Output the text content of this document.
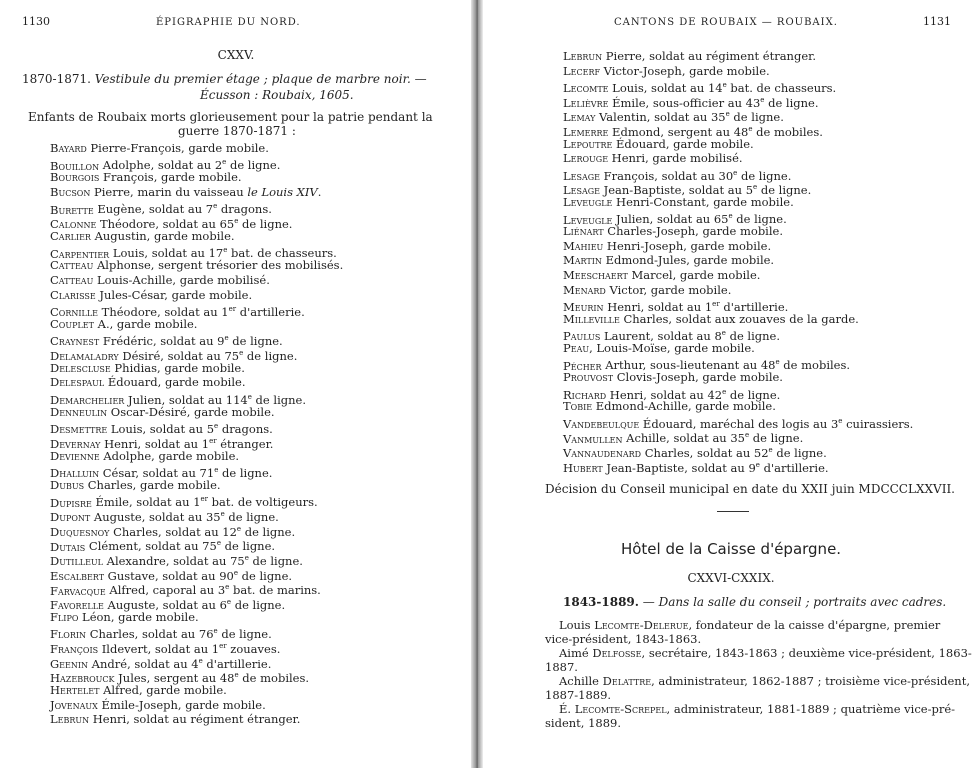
1130	ÉPIGRAPHIE DU NORD.
CXXV.
1870-1871. Vestibule du premier étage ; plaque de marbre noir. —
Écusson : Roubaix, 1605.
Enfants de Roubaix morts glorieusement pour la patrie pendant la
guerre 1870-1871 :
Bayard Pierre-François, garde mobile.
Bouillon Adolphe, soldat au 2e de ligne.
Bourgois François, garde mobile.
Bucson Pierre, marin du vaisseau le Louis XIV.
Burette Eugène, soldat au 7e dragons.
Calonne Théodore, soldat au 65e de ligne.
Carlier Augustin, garde mobile.
Carpentier Louis, soldat au 17e bat. de chasseurs.
Catteau Alphonse, sergent trésorier des mobilisés.
Catteau Louis-Achille, garde mobilisé.
Clarisse Jules-César, garde mobile.
Cornille Théodore, soldat au 1er d'artillerie.
Couplet A., garde mobile.
Craynest Frédéric, soldat au 9e de ligne.
Delamaladry Désiré, soldat au 75e de ligne.
Delescluse Phidias, garde mobile.
Delespaul Édouard, garde mobile.
Demarchelier Julien, soldat au 114e de ligne.
Denneulin Oscar-Désiré, garde mobile.
Desmettre Louis, soldat au 5e dragons.
Devernay Henri, soldat au 1er étranger.
Devienne Adolphe, garde mobile.
Dhalluin César, soldat au 71e de ligne.
Dubus Charles, garde mobile.
Dupisre Émile, soldat au 1er bat. de voltigeurs.
Dupont Auguste, soldat au 35e de ligne.
Duquesnoy Charles, soldat au 12e de ligne.
Dutais Clément, soldat au 75e de ligne.
Dutilleul Alexandre, soldat au 75e de ligne.
Escalbert Gustave, soldat au 90e de ligne.
Farvacque Alfred, caporal au 3e bat. de marins.
Favorelle Auguste, soldat au 6e de ligne.
Flipo Léon, garde mobile.
Florin Charles, soldat au 76e de ligne.
François Ildevert, soldat au 1er zouaves.
Geenin André, soldat au 4e d'artillerie.
Hazebrouck Jules, sergent au 48e de mobiles.
Hertelet Alfred, garde mobile.
Jovenaux Émile-Joseph, garde mobile.
Lebrun Henri, soldat au régiment étranger.
CANTONS DE ROUBAIX — ROUBAIX.	1131
Lebrun Pierre, soldat au régiment étranger.
Lecerf Victor-Joseph, garde mobile.
Lecomte Louis, soldat au 14e bat. de chasseurs.
Lelièvre Émile, sous-officier au 43e de ligne.
Lemay Valentin, soldat au 35e de ligne.
Lemerre Edmond, sergent au 48e de mobiles.
Lepoutre Édouard, garde mobile.
Lerouge Henri, garde mobilisé.
Lesage François, soldat au 30e de ligne.
Lesage Jean-Baptiste, soldat au 5e de ligne.
Leveugle Henri-Constant, garde mobile.
Leveugle Julien, soldat au 65e de ligne.
Liénart Charles-Joseph, garde mobile.
Mahieu Henri-Joseph, garde mobile.
Martin Edmond-Jules, garde mobile.
Meeschaert Marcel, garde mobile.
Menard Victor, garde mobile.
Meurin Henri, soldat au 1er d'artillerie.
Milleville Charles, soldat aux zouaves de la garde.
Paulus Laurent, soldat au 8e de ligne.
Peau, Louis-Moïse, garde mobile.
Pécher Arthur, sous-lieutenant au 48e de mobiles.
Prouvost Clovis-Joseph, garde mobile.
Richard Henri, soldat au 42e de ligne.
Tobie Edmond-Achille, garde mobile.
Vandebeulque Édouard, maréchal des logis au 3e cuirassiers.
Vanmullen Achille, soldat au 35e de ligne.
Vannaudenard Charles, soldat au 52e de ligne.
Hubert Jean-Baptiste, soldat au 9e d'artillerie.
Décision du Conseil municipal en date du XXII juin MDCCCLXXVII.
Hôtel de la Caisse d'épargne.
CXXVI-CXXIX.
1843-1889. — Dans la salle du conseil ; portraits avec cadres.
Louis Lecomte-Delerue, fondateur de la caisse d'épargne, premier
vice-président, 1843-1863.
Aimé Delfosse, secrétaire, 1843-1863 ; deuxième vice-président, 1863-
1887.
Achille Delattre, administrateur, 1862-1887 ; troisième vice-président,
1887-1889.
É. Lecomte-Screpel, administrateur, 1881-1889 ; quatrième vice-pré-
sident, 1889.
